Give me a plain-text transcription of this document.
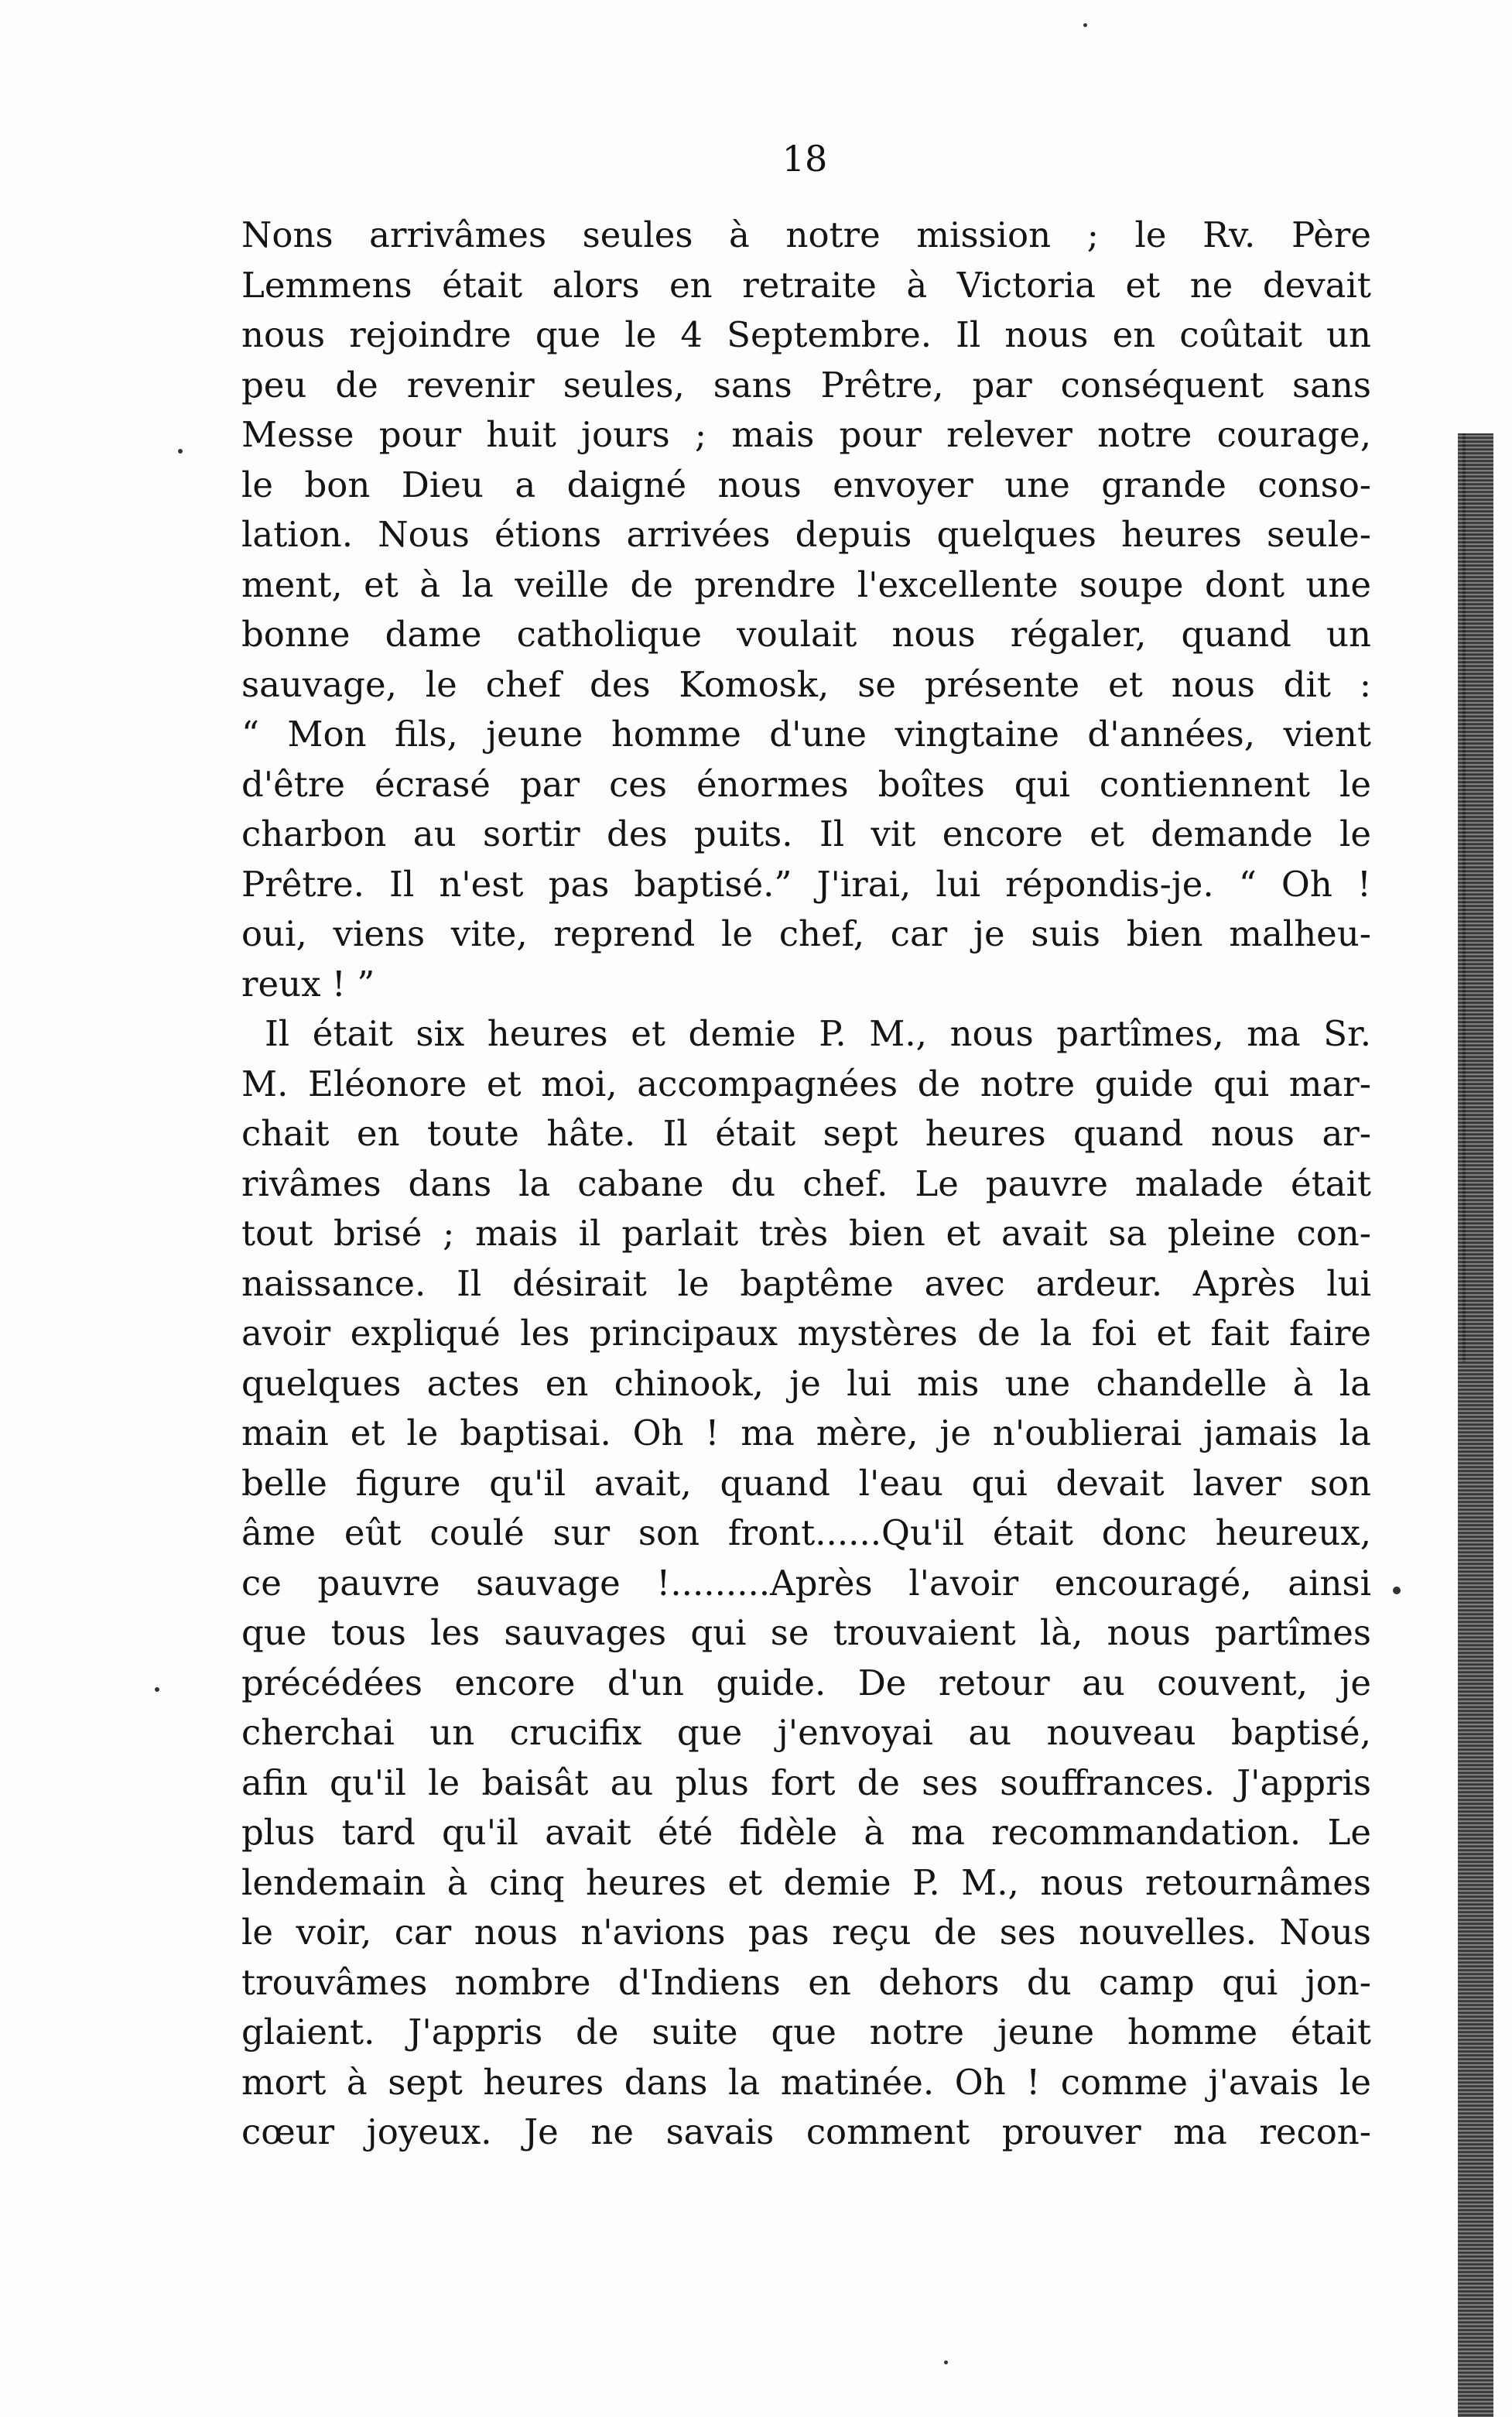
18
Nons arrivâmes seules à notre mission ; le Rv. Père
Lemmens était alors en retraite à Victoria et ne devait
nous rejoindre que le 4 Septembre. Il nous en coûtait un
peu de revenir seules, sans Prêtre, par conséquent sans
Messe pour huit jours ; mais pour relever notre courage,
le bon Dieu a daigné nous envoyer une grande conso-
lation. Nous étions arrivées depuis quelques heures seule-
ment, et à la veille de prendre l'excellente soupe dont une
bonne dame catholique voulait nous régaler, quand un
sauvage, le chef des Komosk, se présente et nous dit :
“ Mon fils, jeune homme d'une vingtaine d'années, vient
d'être écrasé par ces énormes boîtes qui contiennent le
charbon au sortir des puits. Il vit encore et demande le
Prêtre. Il n'est pas baptisé.” J'irai, lui répondis-je. “ Oh !
oui, viens vite, reprend le chef, car je suis bien malheu-
reux ! ”
Il était six heures et demie P. M., nous partîmes, ma Sr.
M. Eléonore et moi, accompagnées de notre guide qui mar-
chait en toute hâte. Il était sept heures quand nous ar-
rivâmes dans la cabane du chef. Le pauvre malade était
tout brisé ; mais il parlait très bien et avait sa pleine con-
naissance. Il désirait le baptême avec ardeur. Après lui
avoir expliqué les principaux mystères de la foi et fait faire
quelques actes en chinook, je lui mis une chandelle à la
main et le baptisai. Oh ! ma mère, je n'oublierai jamais la
belle figure qu'il avait, quand l'eau qui devait laver son
âme eût coulé sur son front......Qu'il était donc heureux,
ce pauvre sauvage !.........Après l'avoir encouragé, ainsi
que tous les sauvages qui se trouvaient là, nous partîmes
précédées encore d'un guide. De retour au couvent, je
cherchai un crucifix que j'envoyai au nouveau baptisé,
afin qu'il le baisât au plus fort de ses souffrances. J'appris
plus tard qu'il avait été fidèle à ma recommandation. Le
lendemain à cinq heures et demie P. M., nous retournâmes
le voir, car nous n'avions pas reçu de ses nouvelles. Nous
trouvâmes nombre d'Indiens en dehors du camp qui jon-
glaient. J'appris de suite que notre jeune homme était
mort à sept heures dans la matinée. Oh ! comme j'avais le
cœur joyeux. Je ne savais comment prouver ma recon-
